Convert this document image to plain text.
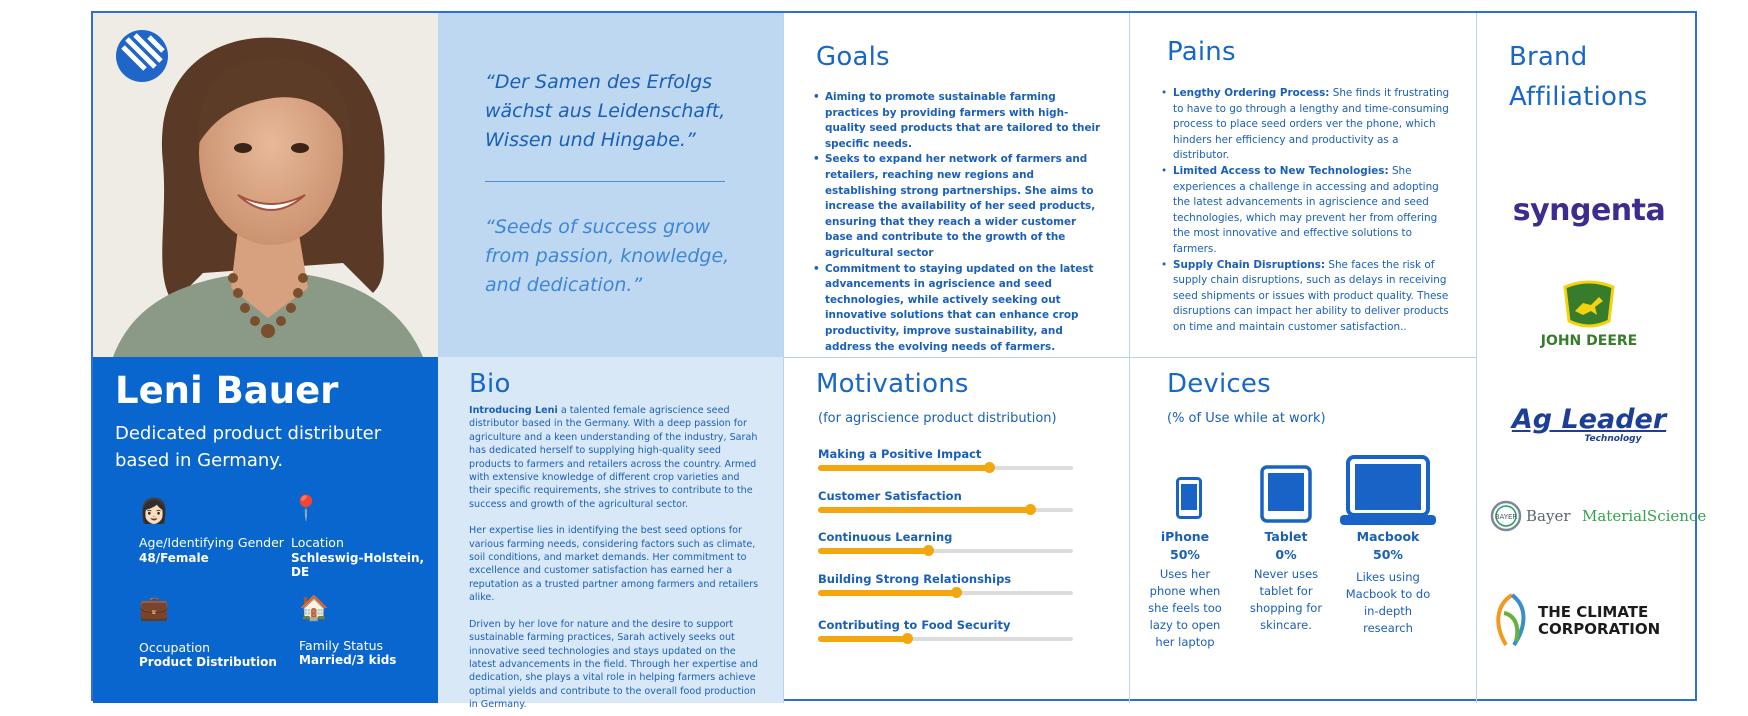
“Der Samen des Erfolgs wächst aus Leidenschaft, Wissen und Hingabe.”
“Seeds of success grow from passion, knowledge, and dedication.”
Leni Bauer
Dedicated product distributer based in Germany.
👩🏻
Age/Identifying Gender
48/Female
📍
Location
Schleswig-Holstein, DE
💼
Occupation
Product Distribution
🏠
Family Status
Married/3 kids
Bio

Introducing Leni a talented female agriscience seed distributor based in the Germany. With a deep passion for agriculture and a keen understanding of the industry, Sarah has dedicated herself to supplying high-quality seed products to farmers and retailers across the country. Armed with extensive knowledge of different crop varieties and their specific requirements, she strives to contribute to the success and growth of the agricultural sector.

Her expertise lies in identifying the best seed options for various farming needs, considering factors such as climate, soil conditions, and market demands. Her commitment to excellence and customer satisfaction has earned her a reputation as a trusted partner among farmers and retailers alike.

Driven by her love for nature and the desire to support sustainable farming practices, Sarah actively seeks out innovative seed technologies and stays updated on the latest advancements in the field. Through her expertise and dedication, she plays a vital role in helping farmers achieve optimal yields and contribute to the overall food production in Germany.

Goals
• Aiming to promote sustainable farming practices by providing farmers with high-quality seed products that are tailored to their specific needs.
• Seeks to expand her network of farmers and retailers, reaching new regions and establishing strong partnerships. She aims to increase the availability of her seed products, ensuring that they reach a wider customer base and contribute to the growth of the agricultural sector
• Commitment to staying updated on the latest advancements in agriscience and seed technologies, while actively seeking out innovative solutions that can enhance crop productivity, improve sustainability, and address the evolving needs of farmers.
Pains
• Lengthy Ordering Process: She finds it frustrating to have to go through a lengthy and time-consuming process to place seed orders ver the phone, which hinders her efficiency and productivity as a distributor.
• Limited Access to New Technologies: She experiences a challenge in accessing and adopting the latest advancements in agriscience and seed technologies, which may prevent her from offering the most innovative and effective solutions to farmers.
• Supply Chain Disruptions: She faces the risk of supply chain disruptions, such as delays in receiving seed shipments or issues with product quality. These disruptions can impact her ability to deliver products on time and maintain customer satisfaction..
Motivations
(for agriscience product distribution)
Making a Positive Impact
Customer Satisfaction
Continuous Learning
Building Strong Relationships
Contributing to Food Security
Devices
(% of Use while at work)
iPhone
50%
Uses her phone when she feels too lazy to open her laptop
Tablet
0%
Never uses tablet for shopping for skincare.
Macbook
50%
Likes using Macbook to do in-depth research
Brand Affiliations
syngenta
JOHN DEERE
Ag Leader
Technology
BAYER Bayer MaterialScience
THE CLIMATE CORPORATION
